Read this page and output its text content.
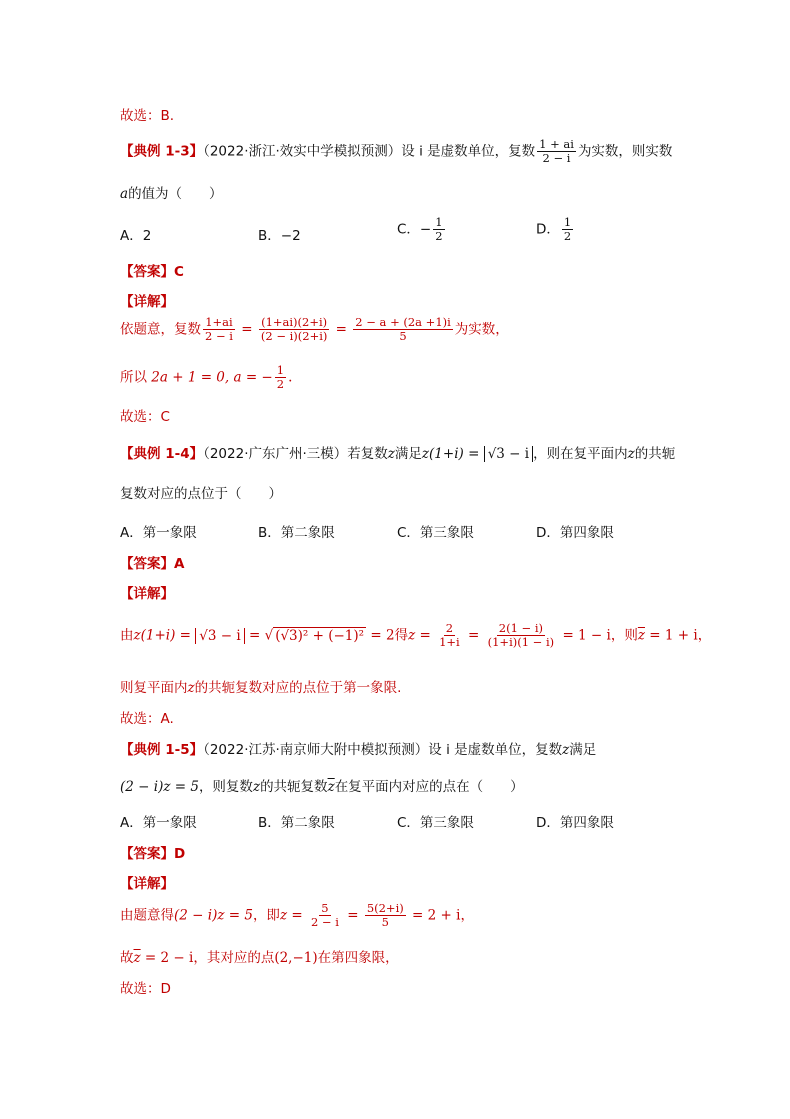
故选：B.
【典例 1-3】（2022·浙江·效实中学模拟预测）设 i 是虚数单位，复数 $\frac{1 + ai}{2 - i}$ 为实数，则实数
a的值为（　　）
A．2	B．−2	C．− $\frac{1}{2}$	D． $\frac{1}{2}$
【答案】C
【详解】
依题意，复数 $\frac{1+ai}{2 - i} = \frac{(1+ai)(2+i)}{(2 - i)(2+i)} = \frac{2 - a + (2a +1)i}{5}$ 为实数，
所以 2a + 1 = 0, a = − $\frac{1}{2}$ .
故选：C
【典例 1-4】（2022·广东广州·三模）若复数z满足z(1+i) = √3 − i ，则在复平面内z的共轭
复数对应的点位于（　　）
A．第一象限	B．第二象限	C．第三象限	D．第四象限
【答案】A
【详解】
由z(1+i) = √3 − i = √ (√3)² + (−1)² = 2得$z = \frac{2}{1+i} = \frac{2(1 - i)}{(1+i)(1 - i)} = 1 - i$，则$\overline{z} = 1 + i$，
则复平面内z的共轭复数对应的点位于第一象限.
故选：A.
【典例 1-5】（2022·江苏·南京师大附中模拟预测）设 i 是虚数单位，复数z满足
(2 − i)z = 5，则复数z的共轭复数$\overline{z}$在复平面内对应的点在（　　）
A．第一象限	B．第二象限	C．第三象限	D．第四象限
【答案】D
【详解】
由题意得(2 − i)z = 5，即$z = \frac{5}{2 - i} = \frac{5(2+i)}{5} = 2 + i$，
故$\overline{z} = 2 - i$，其对应的点(2,−1)在第四象限，
故选：D
